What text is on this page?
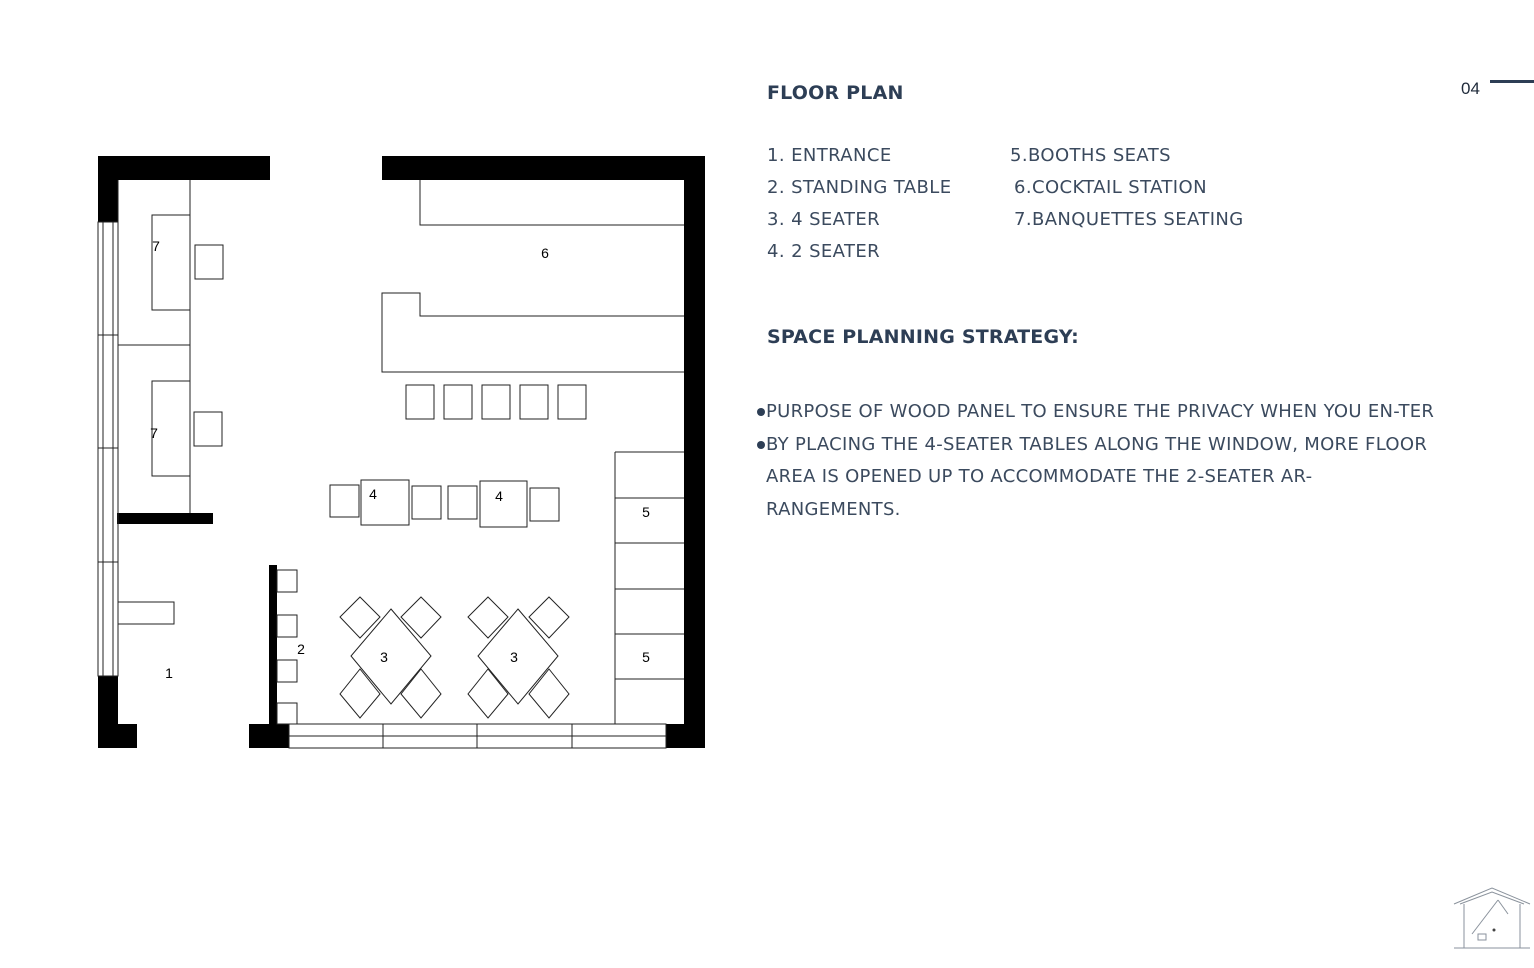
04
7
7
6
4	4
5
5
3	3
2
1
FLOOR PLAN
1. ENTRANCE
2. STANDING TABLE
3. 4 SEATER
4. 2 SEATER
5.BOOTHS SEATS
6.COCKTAIL STATION
7.BANQUETTES SEATING
SPACE PLANNING STRATEGY:
PURPOSE OF WOOD PANEL TO ENSURE THE PRIVACY WHEN YOU EN-TER
BY PLACING THE 4-SEATER TABLES ALONG THE WINDOW, MORE FLOOR AREA IS OPENED UP TO ACCOMMODATE THE 2-SEATER AR-RANGEMENTS.
